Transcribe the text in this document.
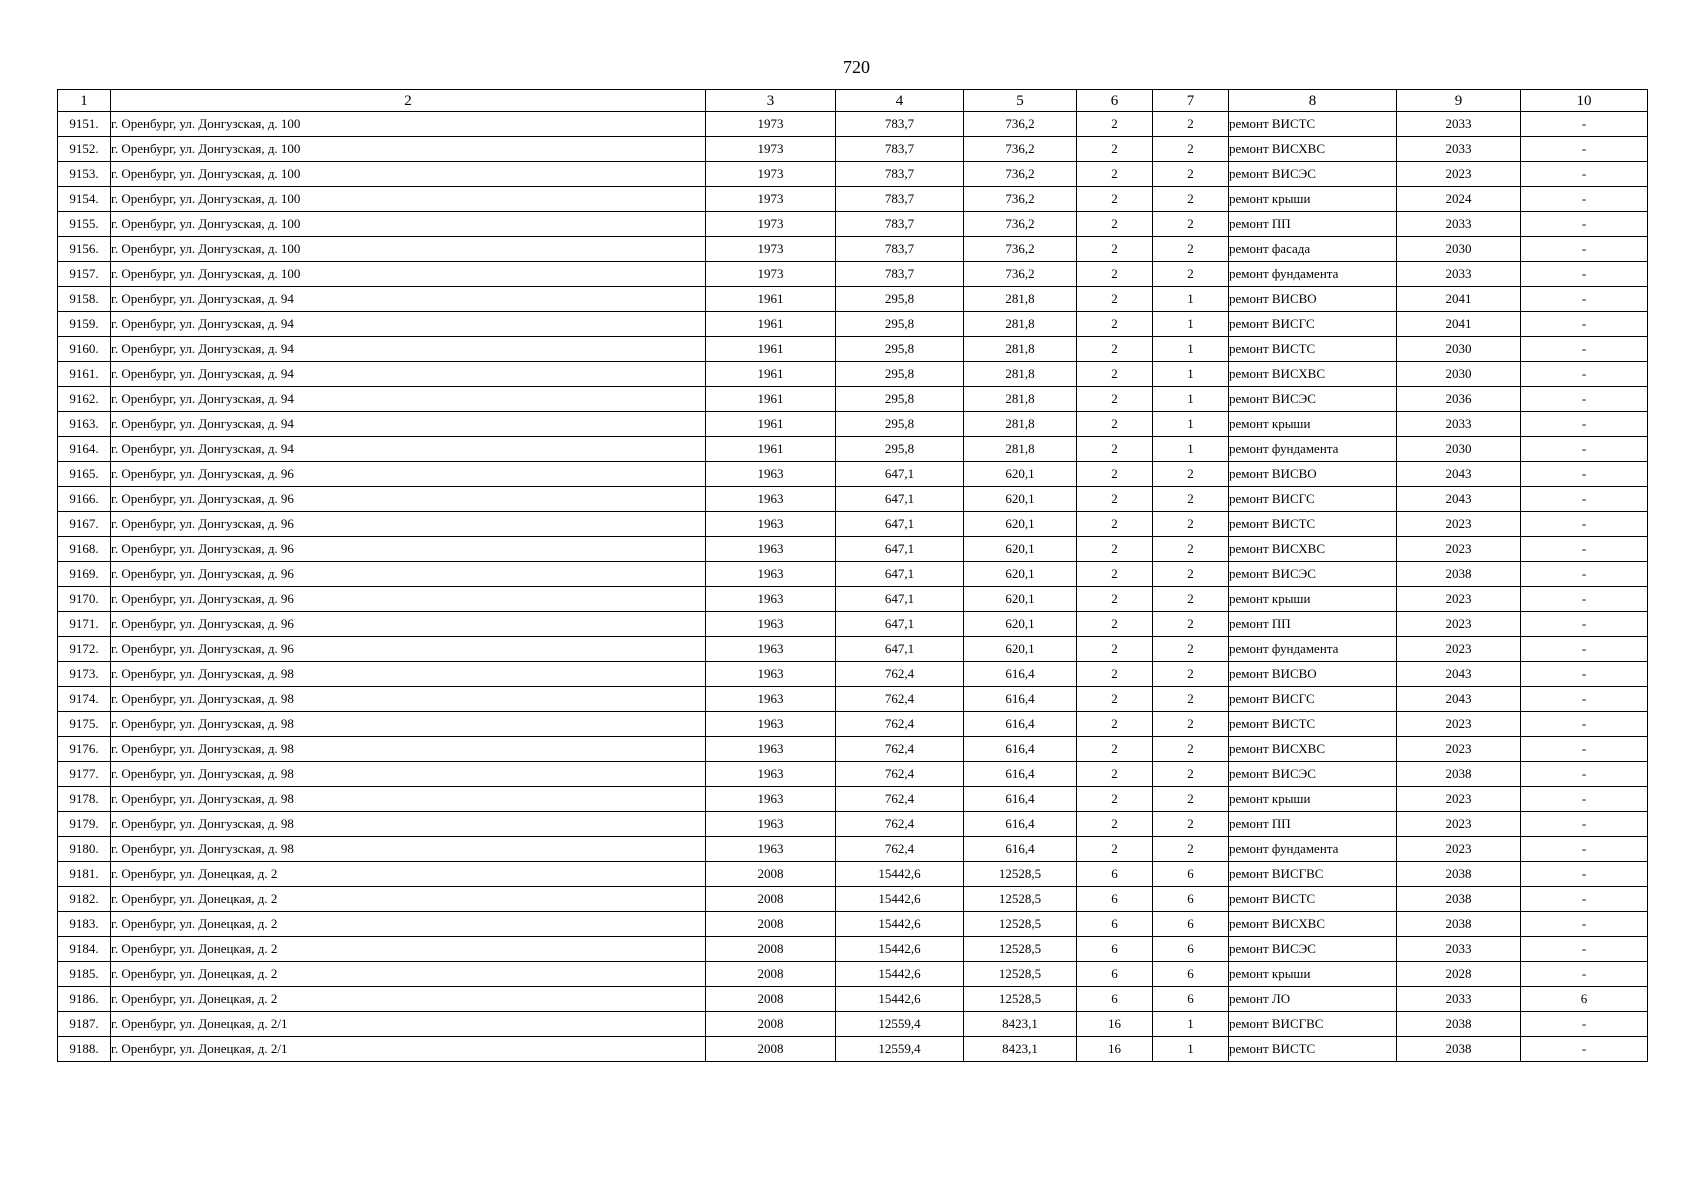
720
1	2	3	4	5	6	7	8	9	10
9151.	г. Оренбург, ул. Донгузская, д. 100	1973	783,7	736,2	2	2	ремонт ВИСТС	2033	-
9152.	г. Оренбург, ул. Донгузская, д. 100	1973	783,7	736,2	2	2	ремонт ВИСХВС	2033	-
9153.	г. Оренбург, ул. Донгузская, д. 100	1973	783,7	736,2	2	2	ремонт ВИСЭС	2023	-
9154.	г. Оренбург, ул. Донгузская, д. 100	1973	783,7	736,2	2	2	ремонт крыши	2024	-
9155.	г. Оренбург, ул. Донгузская, д. 100	1973	783,7	736,2	2	2	ремонт ПП	2033	-
9156.	г. Оренбург, ул. Донгузская, д. 100	1973	783,7	736,2	2	2	ремонт фасада	2030	-
9157.	г. Оренбург, ул. Донгузская, д. 100	1973	783,7	736,2	2	2	ремонт фундамента	2033	-
9158.	г. Оренбург, ул. Донгузская, д. 94	1961	295,8	281,8	2	1	ремонт ВИСВО	2041	-
9159.	г. Оренбург, ул. Донгузская, д. 94	1961	295,8	281,8	2	1	ремонт ВИСГС	2041	-
9160.	г. Оренбург, ул. Донгузская, д. 94	1961	295,8	281,8	2	1	ремонт ВИСТС	2030	-
9161.	г. Оренбург, ул. Донгузская, д. 94	1961	295,8	281,8	2	1	ремонт ВИСХВС	2030	-
9162.	г. Оренбург, ул. Донгузская, д. 94	1961	295,8	281,8	2	1	ремонт ВИСЭС	2036	-
9163.	г. Оренбург, ул. Донгузская, д. 94	1961	295,8	281,8	2	1	ремонт крыши	2033	-
9164.	г. Оренбург, ул. Донгузская, д. 94	1961	295,8	281,8	2	1	ремонт фундамента	2030	-
9165.	г. Оренбург, ул. Донгузская, д. 96	1963	647,1	620,1	2	2	ремонт ВИСВО	2043	-
9166.	г. Оренбург, ул. Донгузская, д. 96	1963	647,1	620,1	2	2	ремонт ВИСГС	2043	-
9167.	г. Оренбург, ул. Донгузская, д. 96	1963	647,1	620,1	2	2	ремонт ВИСТС	2023	-
9168.	г. Оренбург, ул. Донгузская, д. 96	1963	647,1	620,1	2	2	ремонт ВИСХВС	2023	-
9169.	г. Оренбург, ул. Донгузская, д. 96	1963	647,1	620,1	2	2	ремонт ВИСЭС	2038	-
9170.	г. Оренбург, ул. Донгузская, д. 96	1963	647,1	620,1	2	2	ремонт крыши	2023	-
9171.	г. Оренбург, ул. Донгузская, д. 96	1963	647,1	620,1	2	2	ремонт ПП	2023	-
9172.	г. Оренбург, ул. Донгузская, д. 96	1963	647,1	620,1	2	2	ремонт фундамента	2023	-
9173.	г. Оренбург, ул. Донгузская, д. 98	1963	762,4	616,4	2	2	ремонт ВИСВО	2043	-
9174.	г. Оренбург, ул. Донгузская, д. 98	1963	762,4	616,4	2	2	ремонт ВИСГС	2043	-
9175.	г. Оренбург, ул. Донгузская, д. 98	1963	762,4	616,4	2	2	ремонт ВИСТС	2023	-
9176.	г. Оренбург, ул. Донгузская, д. 98	1963	762,4	616,4	2	2	ремонт ВИСХВС	2023	-
9177.	г. Оренбург, ул. Донгузская, д. 98	1963	762,4	616,4	2	2	ремонт ВИСЭС	2038	-
9178.	г. Оренбург, ул. Донгузская, д. 98	1963	762,4	616,4	2	2	ремонт крыши	2023	-
9179.	г. Оренбург, ул. Донгузская, д. 98	1963	762,4	616,4	2	2	ремонт ПП	2023	-
9180.	г. Оренбург, ул. Донгузская, д. 98	1963	762,4	616,4	2	2	ремонт фундамента	2023	-
9181.	г. Оренбург, ул. Донецкая, д. 2	2008	15442,6	12528,5	6	6	ремонт ВИСГВС	2038	-
9182.	г. Оренбург, ул. Донецкая, д. 2	2008	15442,6	12528,5	6	6	ремонт ВИСТС	2038	-
9183.	г. Оренбург, ул. Донецкая, д. 2	2008	15442,6	12528,5	6	6	ремонт ВИСХВС	2038	-
9184.	г. Оренбург, ул. Донецкая, д. 2	2008	15442,6	12528,5	6	6	ремонт ВИСЭС	2033	-
9185.	г. Оренбург, ул. Донецкая, д. 2	2008	15442,6	12528,5	6	6	ремонт крыши	2028	-
9186.	г. Оренбург, ул. Донецкая, д. 2	2008	15442,6	12528,5	6	6	ремонт ЛО	2033	6
9187.	г. Оренбург, ул. Донецкая, д. 2/1	2008	12559,4	8423,1	16	1	ремонт ВИСГВС	2038	-
9188.	г. Оренбург, ул. Донецкая, д. 2/1	2008	12559,4	8423,1	16	1	ремонт ВИСТС	2038	-
